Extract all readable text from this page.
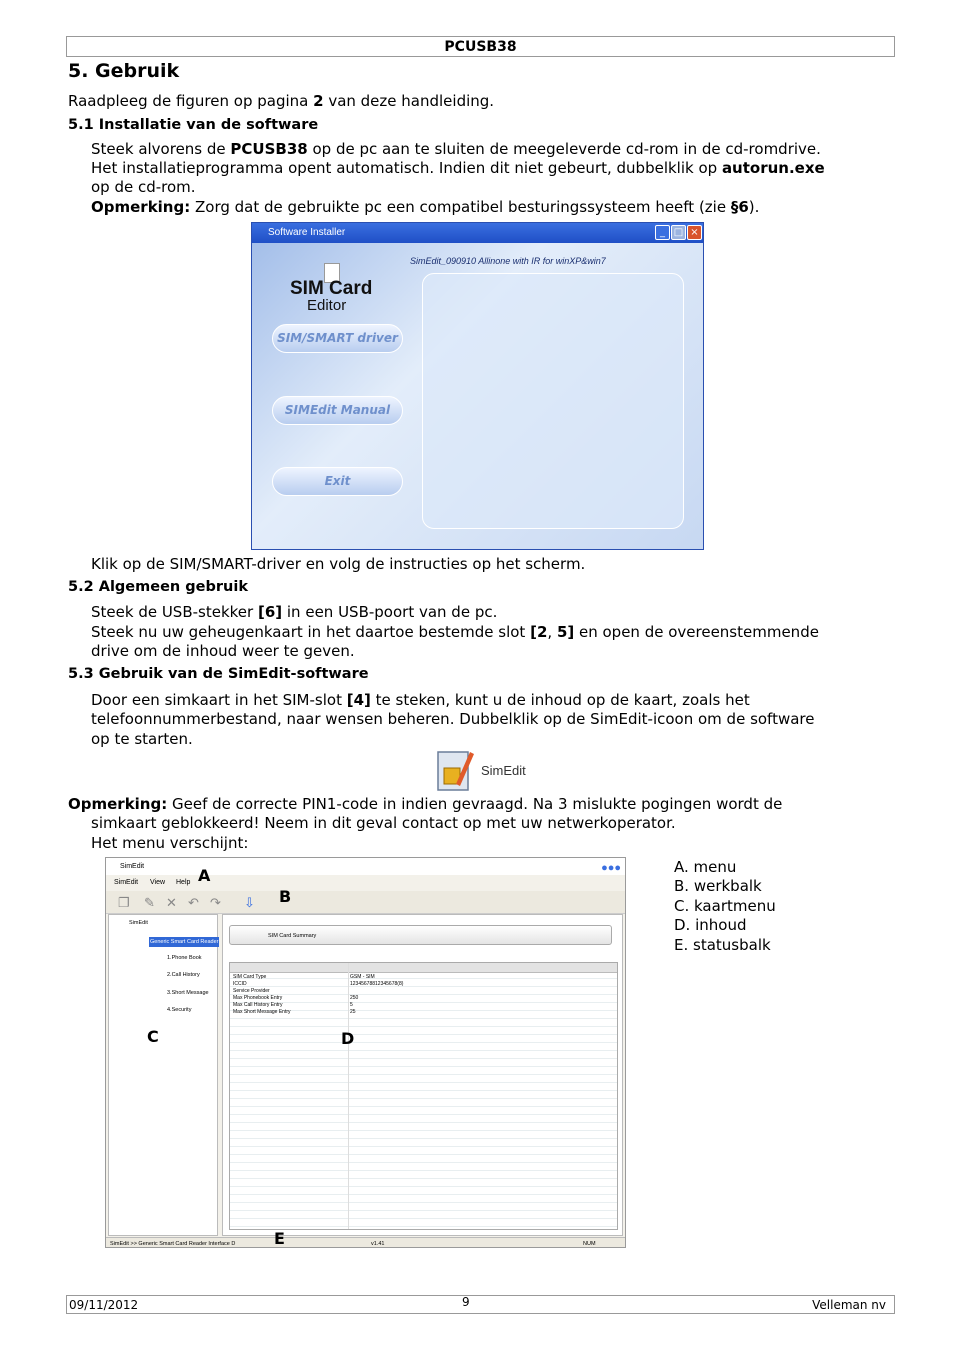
PCUSB38
5. Gebruik
Raadpleeg de figuren op pagina 2 van deze handleiding.
5.1 Installatie van de software
Steek alvorens de PCUSB38 op de pc aan te sluiten de meegeleverde cd-rom in de cd-romdrive.
Het installatieprogramma opent automatisch. Indien dit niet gebeurt, dubbelklik op autorun.exe
op de cd-rom.
Opmerking: Zorg dat de gebruikte pc een compatibel besturingssysteem heeft (zie §6).
Software Installer	_ □ ×
SimEdit_090910 Allinone with IR for winXP&win7
SIM Card
Editor
SIM/SMART driver
SIMEdit Manual
Exit
Klik op de SIM/SMART-driver en volg de instructies op het scherm.
5.2 Algemeen gebruik
Steek de USB-stekker [6] in een USB-poort van de pc.
Steek nu uw geheugenkaart in het daartoe bestemde slot [2, 5] en open de overeenstemmende
drive om de inhoud weer te geven.
5.3 Gebruik van de SimEdit-software
Door een simkaart in het SIM-slot [4] te steken, kunt u de inhoud op de kaart, zoals het
telefoonnummerbestand, naar wensen beheren. Dubbelklik op de SimEdit-icoon om de software
op te starten.
SimEdit
Opmerking: Geef de correcte PIN1-code in indien gevraagd. Na 3 mislukte pogingen wordt de
simkaart geblokkeerd! Neem in dit geval contact op met uw netwerkoperator.
Het menu verschijnt:
SimEdit	●●●
SimEdit View Help
❐ ✎ ✕ ↶ ↷ ⇩
SimEdit
Generic Smart Card Reader
1.Phone Book
2.Call History
3.Short Message
4.Security
SIM Card Summary
SIM Card Type	GSM - SIM
ICCID	12345678812345678(8)
Service Provider
Max Phonebook Entry	250
Max Call History Entry	5
Max Short Message Entry	25
SimEdit >> Generic Smart Card Reader Interface D	v1.41	NUM
A
B
C	D
E
A. menu
B. werkbalk
C. kaartmenu
D. inhoud
E. statusbalk
09/11/2012	9	Velleman nv
